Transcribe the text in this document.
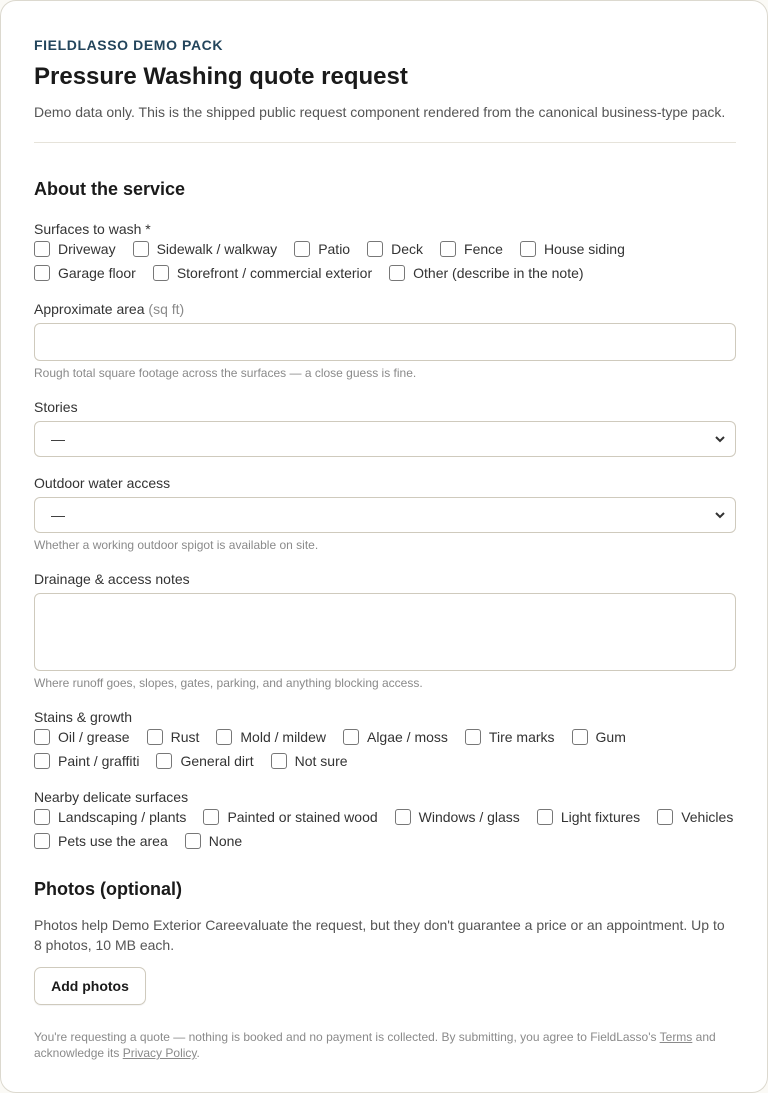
FIELDLASSO DEMO PACK
Pressure Washing quote request

Demo data only. This is the shipped public request component rendered from the canonical business-type pack.

About the service
Surfaces to wash *
Driveway	Sidewalk / walkway	Patio	Deck	Fence	House siding
Garage floor	Storefront / commercial exterior	Other (describe in the note)
Approximate area (sq ft)
Rough total square footage across the surfaces — a close guess is fine.
Stories
—
Outdoor water access
—
Whether a working outdoor spigot is available on site.
Drainage & access notes
Where runoff goes, slopes, gates, parking, and anything blocking access.
Stains & growth
Oil / grease	Rust	Mold / mildew	Algae / moss	Tire marks	Gum
Paint / graffiti	General dirt	Not sure
Nearby delicate surfaces
Landscaping / plants	Painted or stained wood	Windows / glass	Light fixtures	Vehicles
Pets use the area	None
Photos (optional)

Photos help Demo Exterior Careevaluate the request, but they don't guarantee a price or an appointment. Up to 8 photos, 10 MB each.

Add photos

You're requesting a quote — nothing is booked and no payment is collected. By submitting, you agree to FieldLasso's Terms and acknowledge its Privacy Policy.
